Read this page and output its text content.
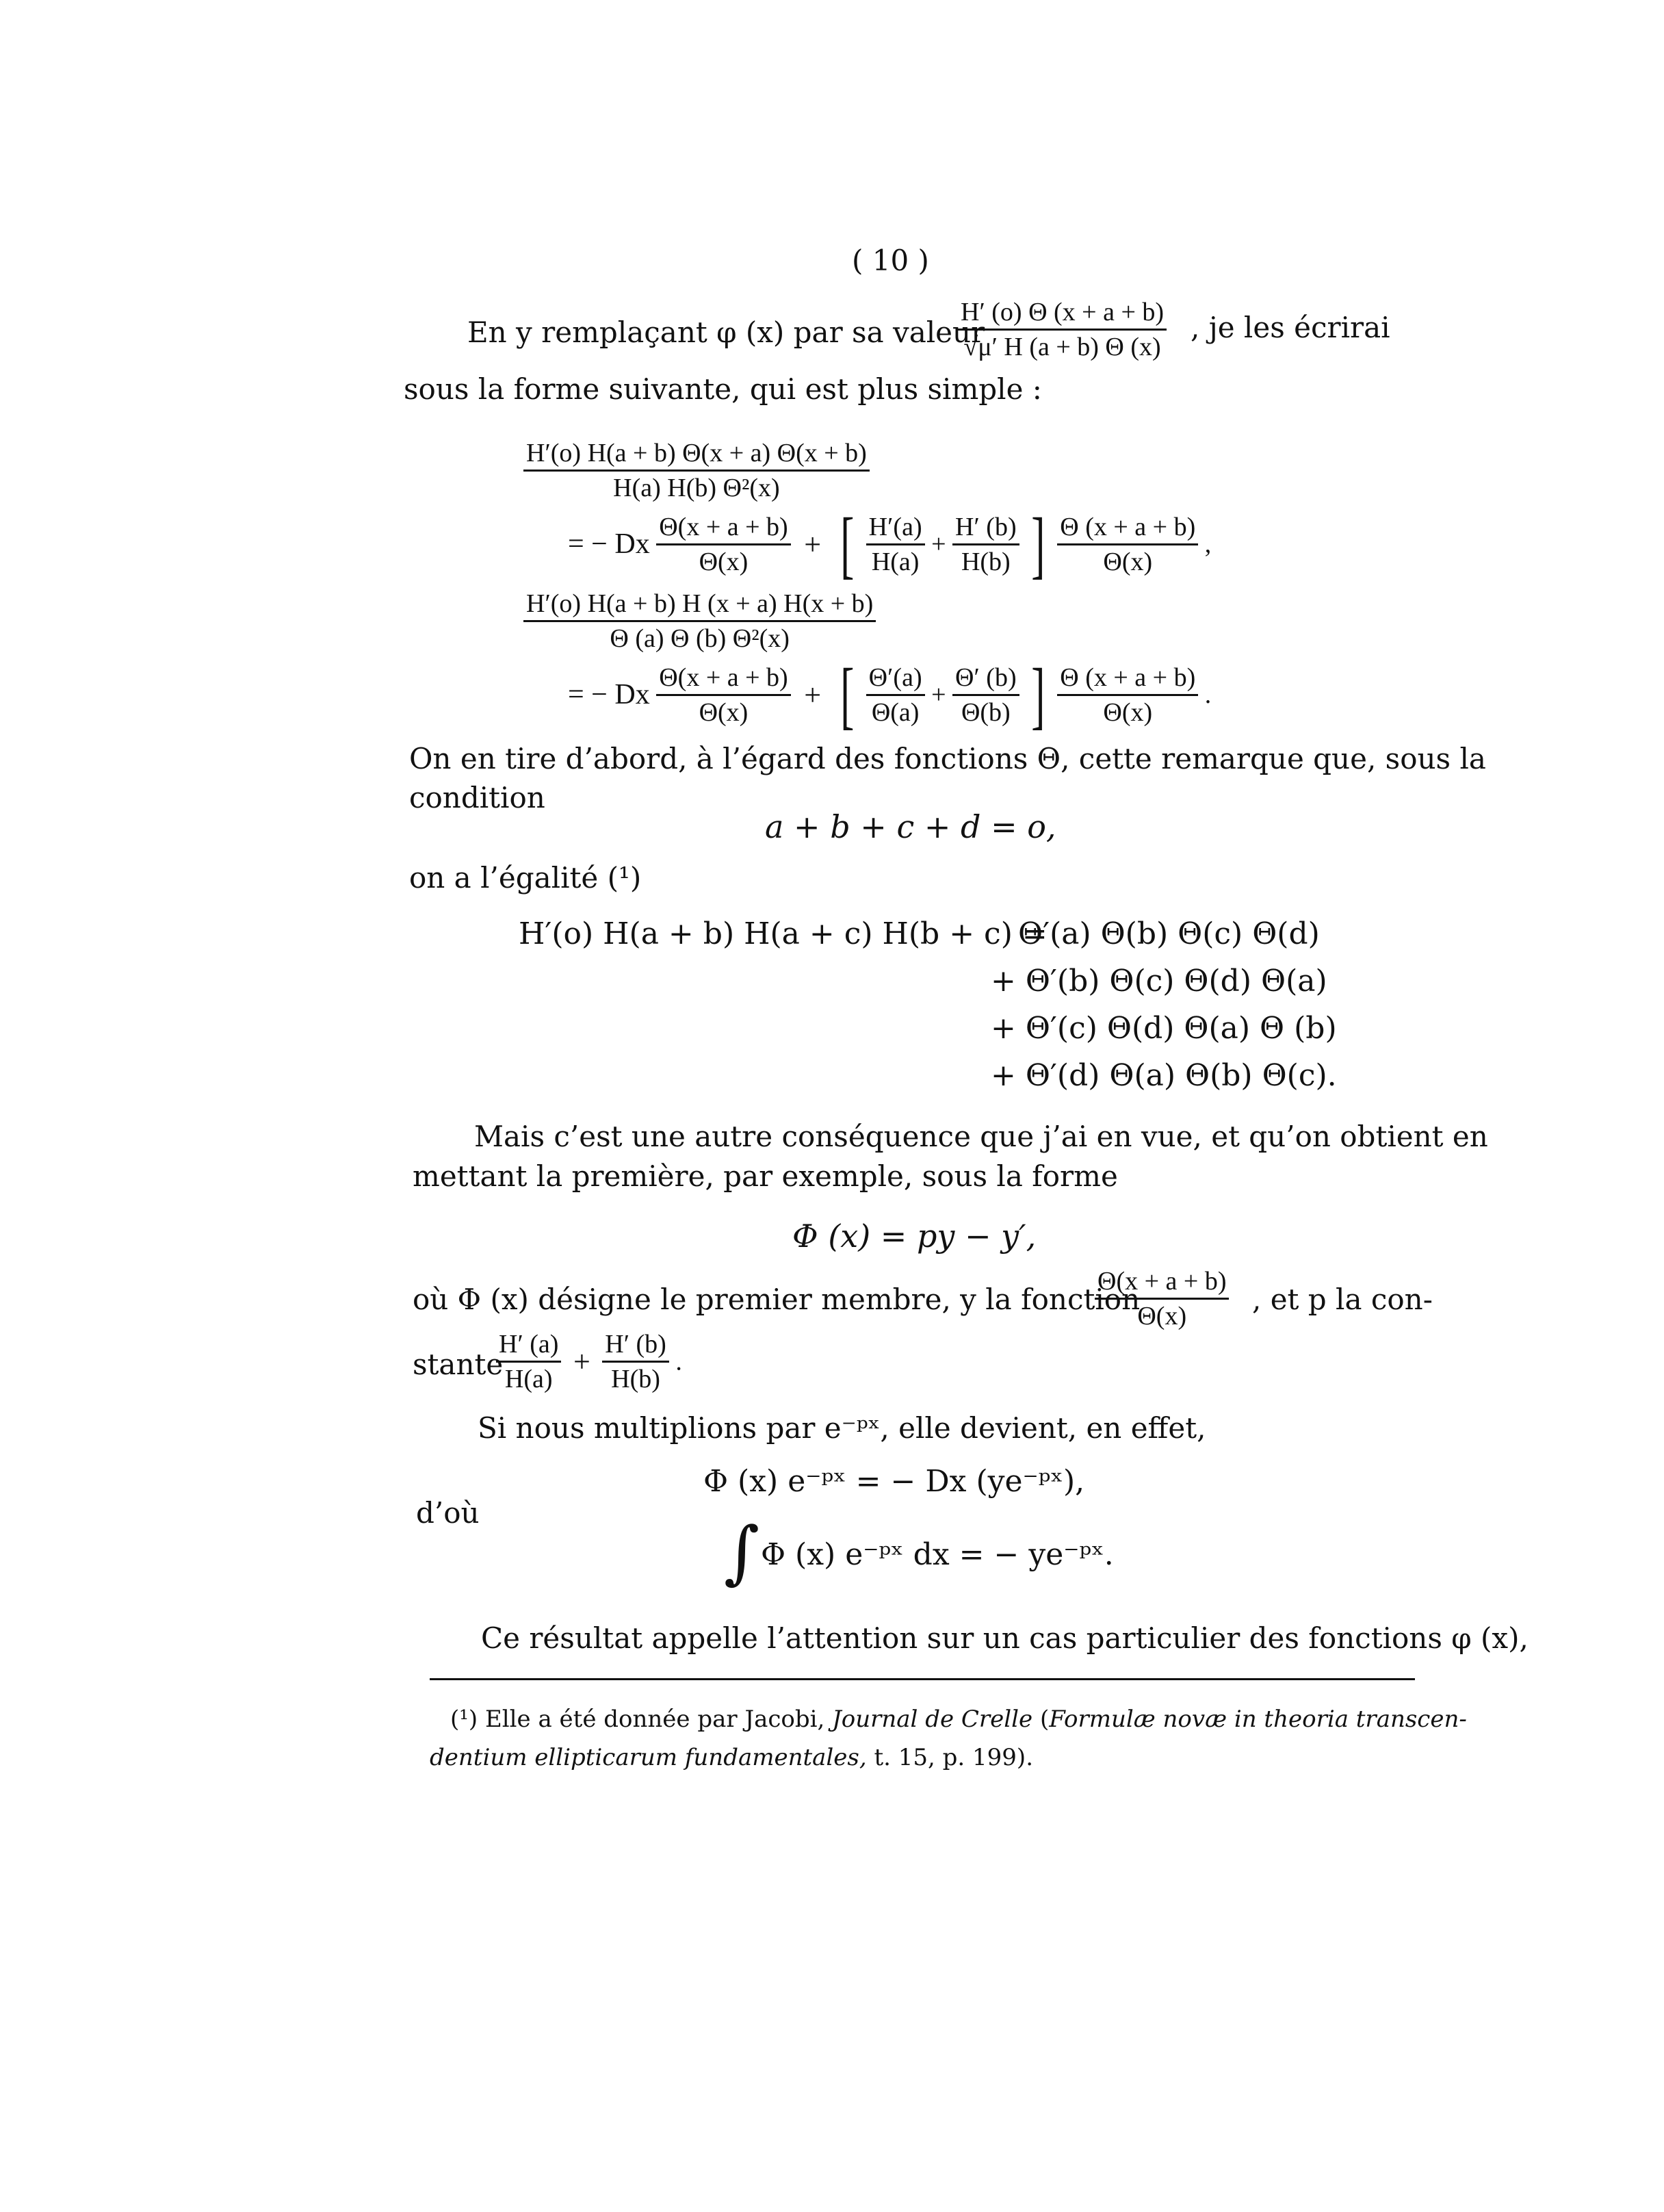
( 10 )
En y remplaçant φ (x) par sa valeur
$\frac{H' (o) \Theta (x + a + b)}{√\mu' H (a + b) \Theta (x)}$ , je les écrirai
sous la forme suivante, qui est plus simple :
$\frac{H'(o) H(a + b) \Theta(x + a) \Theta(x + b)}{\text{H(a) H(b) Θ²(x)}}$
= − Dx $\frac{\Theta(x + a + b)}{\Theta(x)}$ + [ $\frac{H'(a)}{H(a)} + \frac{H' (b)}{H(b)}$ ] $\frac{\Theta (x + a + b)}{\Theta(x)}$ ,
$\frac{H'(o) H(a + b) H (x + a) H(x + b)}{\text{Θ (a) Θ (b) Θ²(x)}}$
= − Dx $\frac{\Theta(x + a + b)}{\Theta(x)}$ + [ $\frac{\Theta'(a)}{\Theta(a)} + \frac{\Theta' (b)}{\Theta(b)}$ ] $\frac{\Theta (x + a + b)}{\Theta(x)}$ .
On en tire d’abord, à l’égard des fonctions Θ, cette remarque que, sous la
condition
a + b + c + d = o,
on a l’égalité (¹)
H′(o) H(a + b) H(a + c) H(b + c) =
Θ′(a) Θ(b) Θ(c) Θ(d)
+ Θ′(b) Θ(c) Θ(d) Θ(a)
+ Θ′(c) Θ(d) Θ(a) Θ (b)
+ Θ′(d) Θ(a) Θ(b) Θ(c).
Mais c’est une autre conséquence que j’ai en vue, et qu’on obtient en
mettant la première, par exemple, sous la forme
Φ (x) = py − y′,
où Φ (x) désigne le premier membre, y la fonction
$\frac{\Theta(x + a + b)}{\Theta(x)}$ , et p la con-
stante
$\frac{H' (a)}{H(a)} + \frac{H' (b)}{H(b)}$ .
Si nous multiplions par e⁻ᵖˣ, elle devient, en effet,
Φ (x) e⁻ᵖˣ = − Dx (ye⁻ᵖˣ),
d’où	∫ Φ (x) e⁻ᵖˣ dx = − ye⁻ᵖˣ.
Ce résultat appelle l’attention sur un cas particulier des fonctions φ (x),
(¹) Elle a été donnée par Jacobi, Journal de Crelle (Formulæ novæ in theoria transcen-
dentium ellipticarum fundamentales, t. 15, p. 199).
